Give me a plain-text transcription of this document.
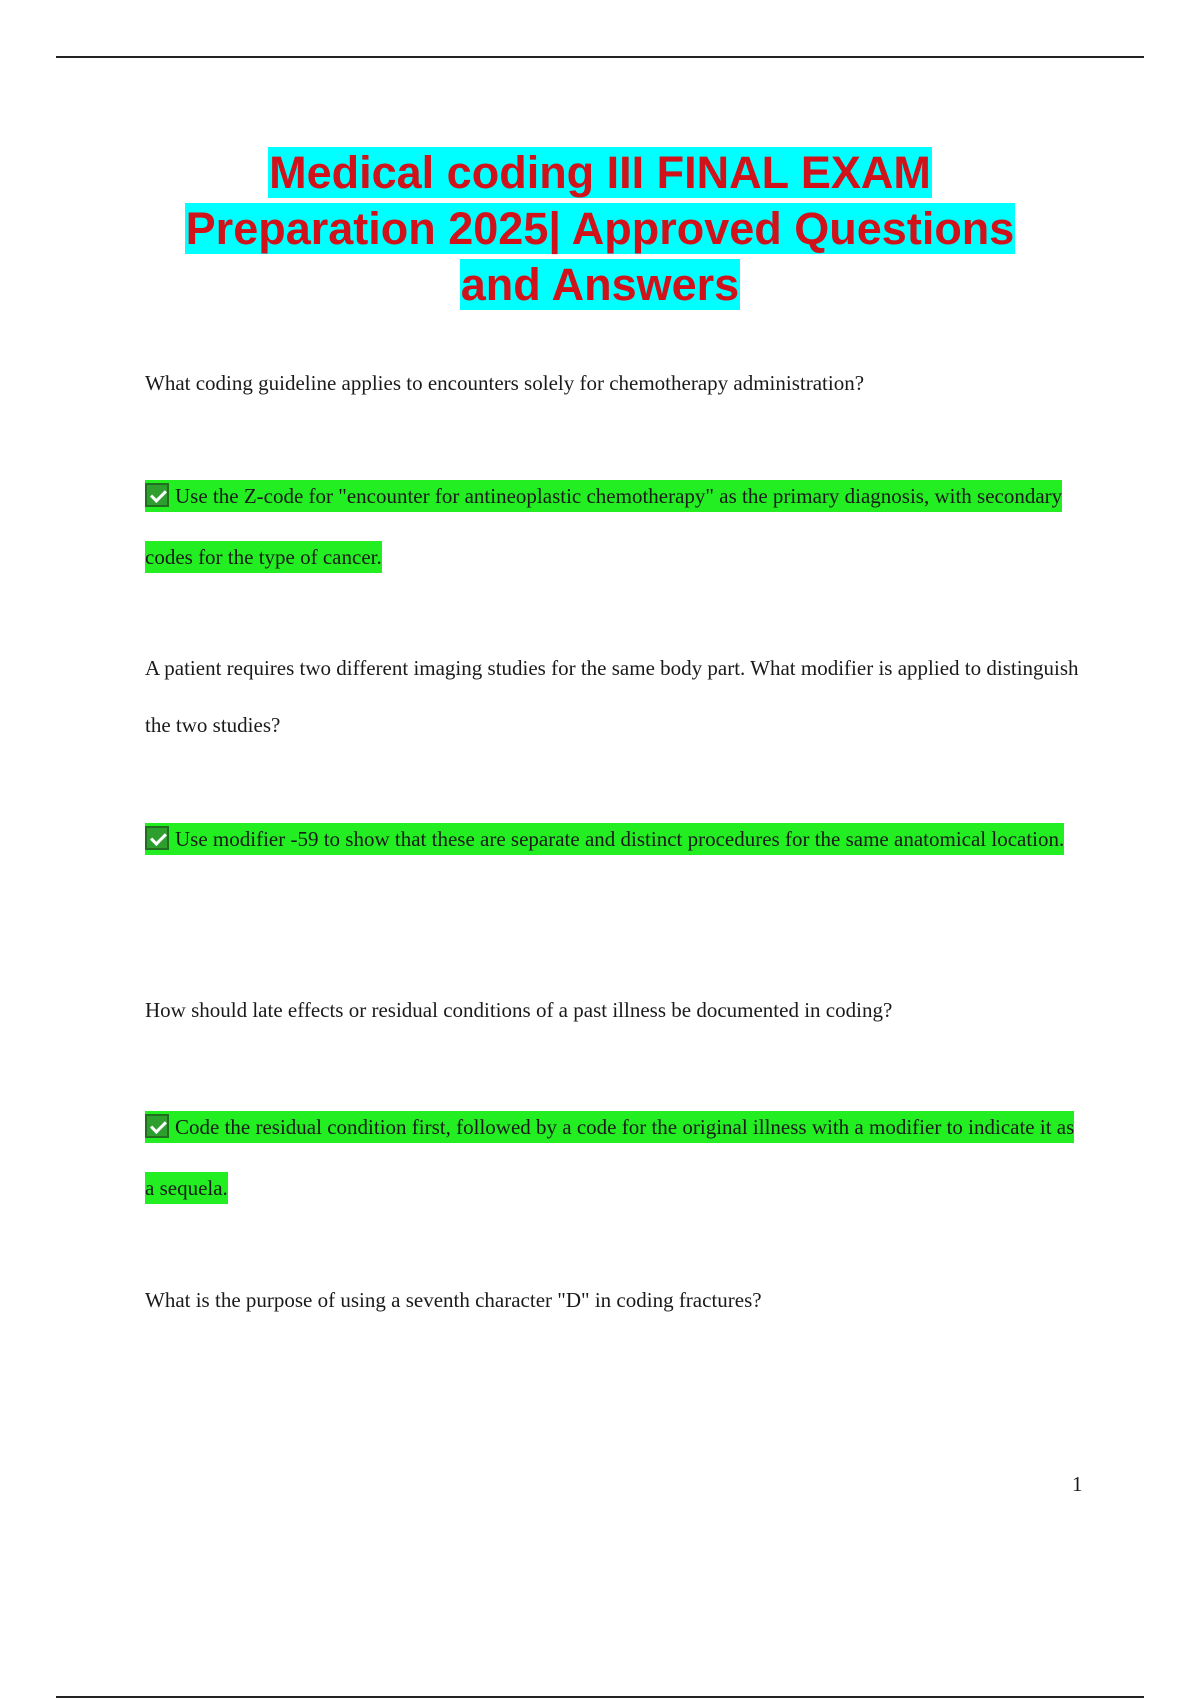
Medical coding III FINAL EXAM
Preparation 2025| Approved Questions
and Answers
What coding guideline applies to encounters solely for chemotherapy administration?
Use the Z-code for "encounter for antineoplastic chemotherapy" as the primary diagnosis, with secondary codes for the type of cancer.
A patient requires two different imaging studies for the same body part. What modifier is applied to distinguish the two studies?
Use modifier -59 to show that these are separate and distinct procedures for the same anatomical location.
How should late effects or residual conditions of a past illness be documented in coding?
Code the residual condition first, followed by a code for the original illness with a modifier to indicate it as a sequela.
What is the purpose of using a seventh character "D" in coding fractures?
1
